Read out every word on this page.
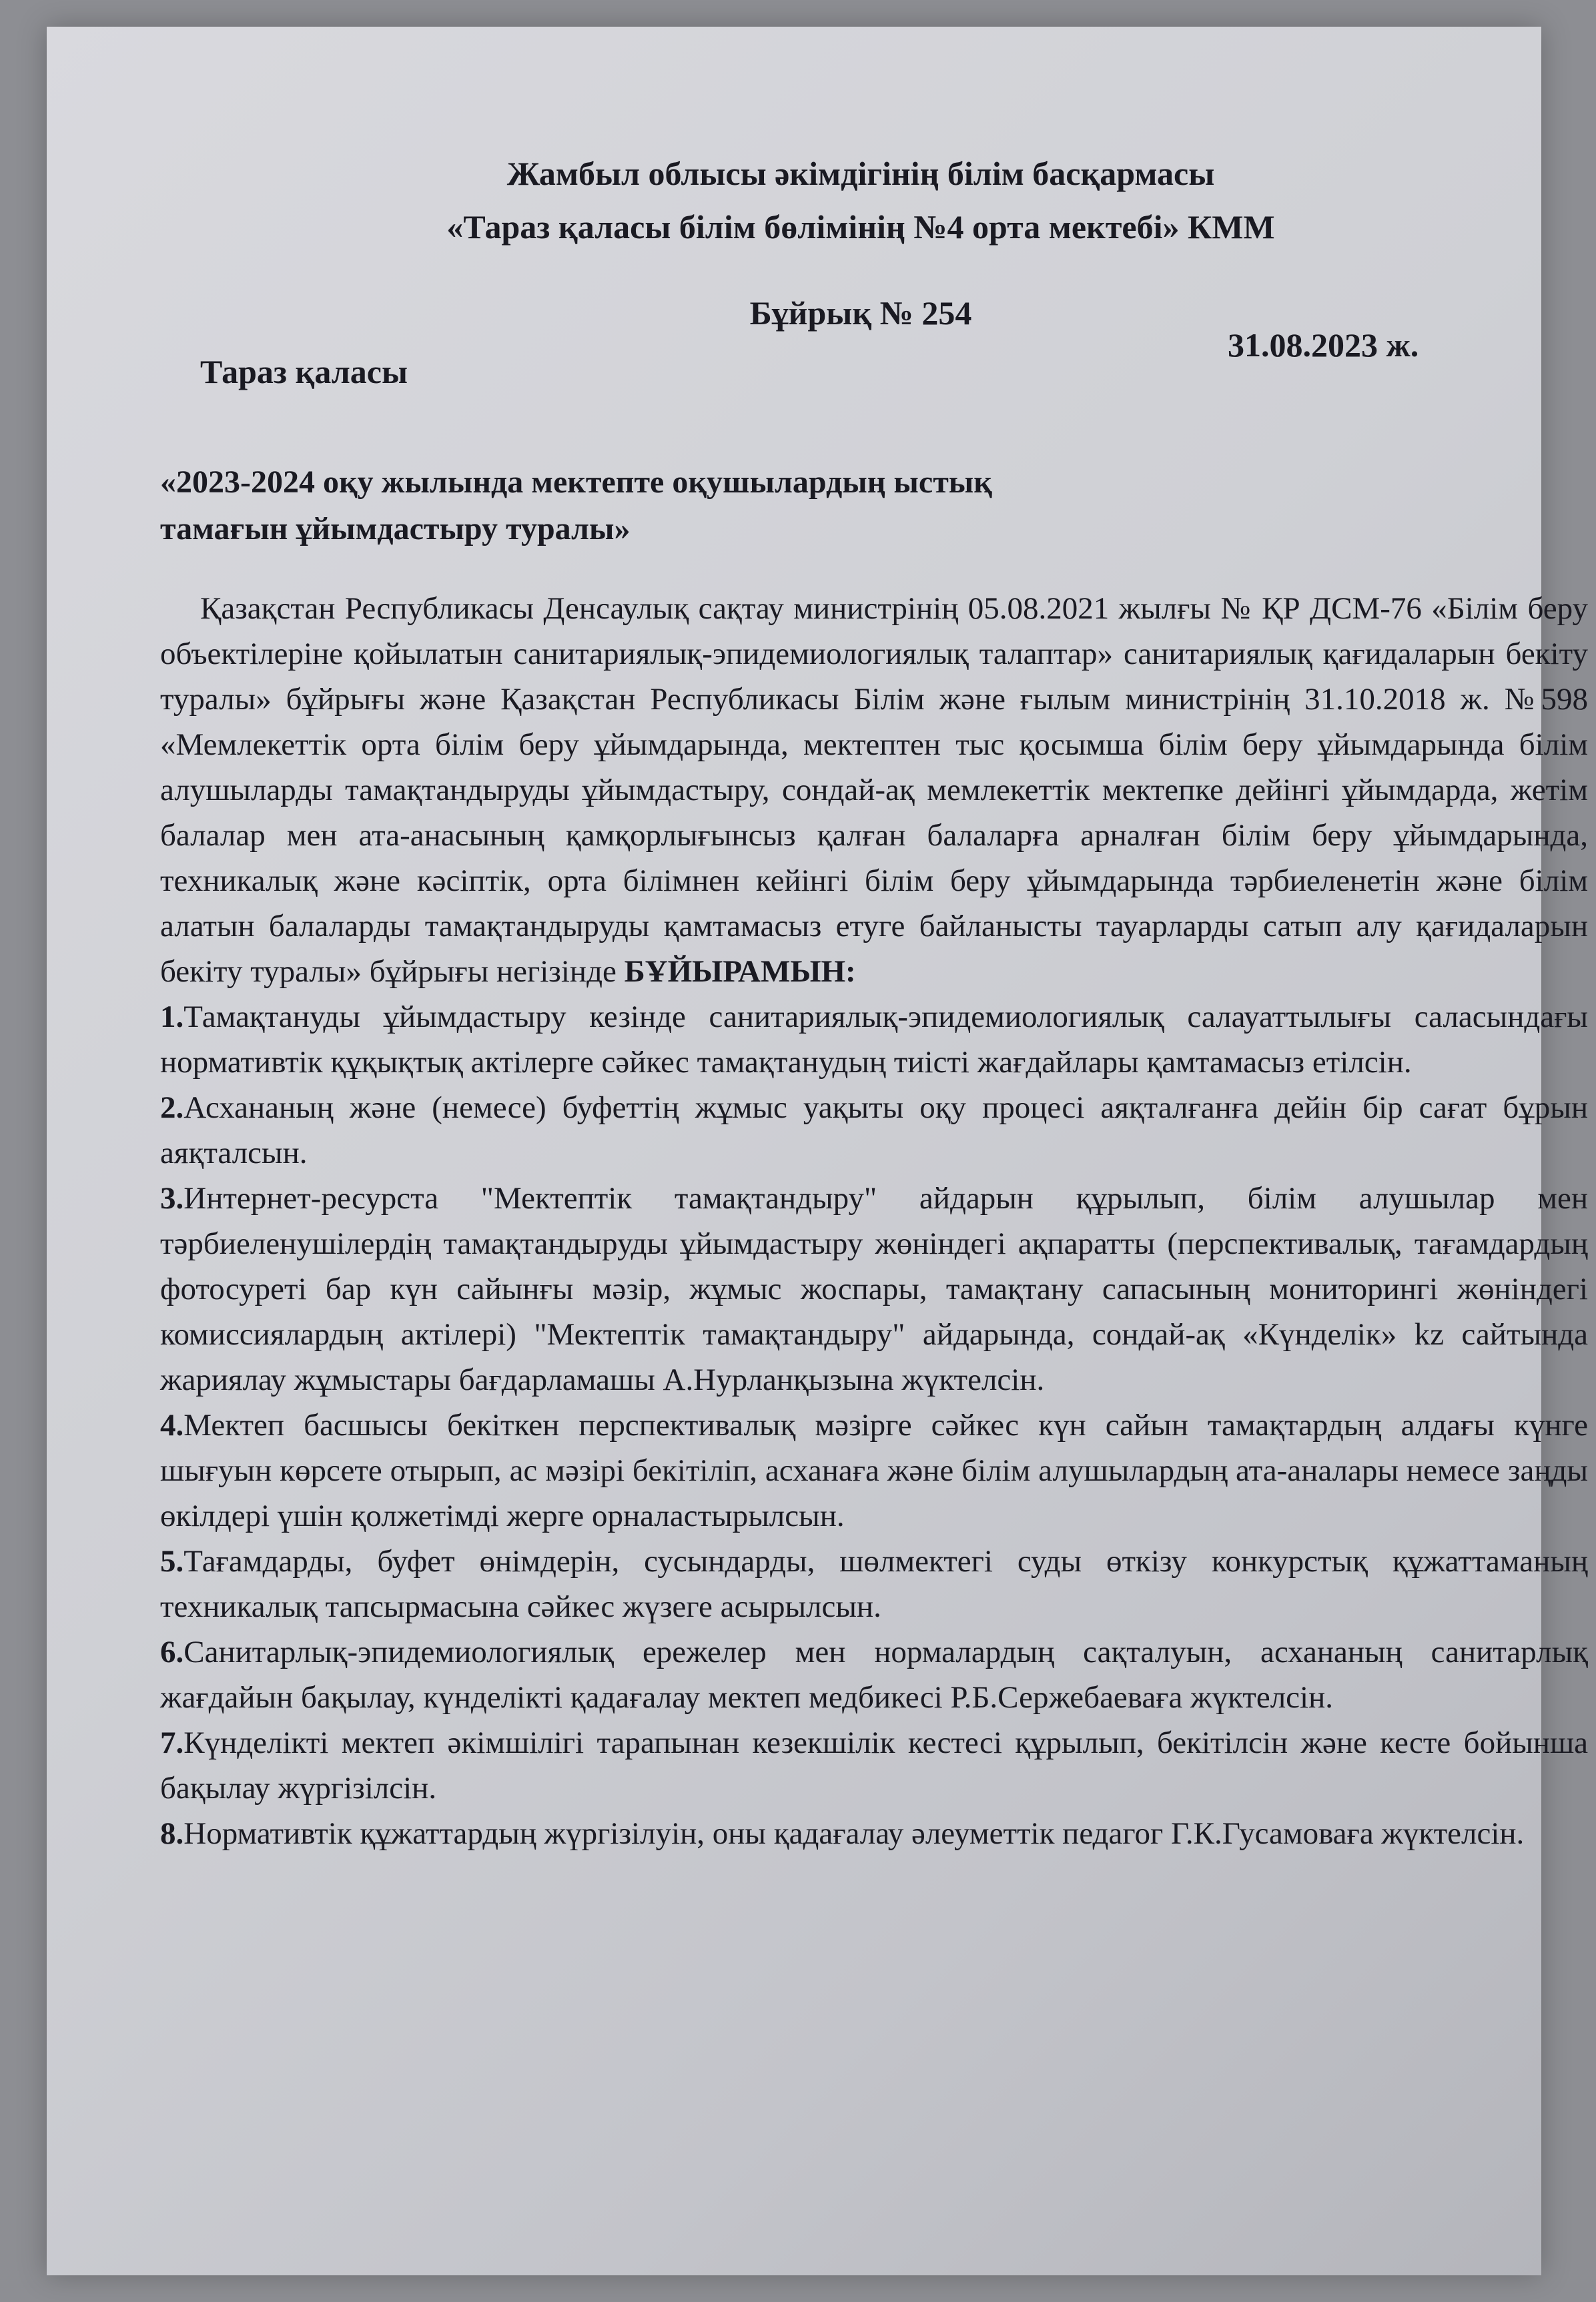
Жамбыл облысы әкімдігінің білім басқармасы
«Тараз қаласы білім бөлімінің №4 орта мектебі» КММ
Бұйрық № 254
Тараз қаласы
31.08.2023 ж.
«2023-2024 оқу жылында мектепте оқушылардың ыстық тамағын ұйымдастыру туралы»

Қазақстан Республикасы Денсаулық сақтау министрінің 05.08.2021 жылғы № ҚР ДСМ-76 «Білім беру объектілеріне қойылатын санитариялық-эпидемиологиялық талаптар» санитариялық қағидаларын бекіту туралы» бұйрығы және Қазақстан Республикасы Білім және ғылым министрінің 31.10.2018 ж. №598 «Мемлекеттік орта білім беру ұйымдарында, мектептен тыс қосымша білім беру ұйымдарында білім алушыларды тамақтандыруды ұйымдастыру, сондай-ақ мемлекеттік мектепке дейінгі ұйымдарда, жетім балалар мен ата-анасының қамқорлығынсыз қалған балаларға арналған білім беру ұйымдарында, техникалық және кәсіптік, орта білімнен кейінгі білім беру ұйымдарында тәрбиеленетін және білім алатын балаларды тамақтандыруды қамтамасыз етуге байланысты тауарларды сатып алу қағидаларын бекіту туралы» бұйрығы негізінде БҰЙЫРАМЫН:

1.Тамақтануды ұйымдастыру кезінде санитариялық-эпидемиологиялық салауаттылығы саласындағы нормативтік құқықтық актілерге сәйкес тамақтанудың тиісті жағдайлары қамтамасыз етілсін.

2.Асхананың және (немесе) буфеттің жұмыс уақыты оқу процесі аяқталғанға дейін бір сағат бұрын аяқталсын.

3.Интернет-ресурста "Мектептік тамақтандыру" айдарын құрылып, білім алушылар мен тәрбиеленушілердің тамақтандыруды ұйымдастыру жөніндегі ақпаратты (перспективалық, тағамдардың фотосуреті бар күн сайынғы мәзір, жұмыс жоспары, тамақтану сапасының мониторингі жөніндегі комиссиялардың актілері) "Мектептік тамақтандыру" айдарында, сондай-ақ «Күнделік» kz сайтында жариялау жұмыстары бағдарламашы А.Нурланқызына жүктелсін.

4.Мектеп басшысы бекіткен перспективалық мәзірге сәйкес күн сайын тамақтардың алдағы күнге шығуын көрсете отырып, ас мәзірі бекітіліп, асханаға және білім алушылардың ата-аналары немесе заңды өкілдері үшін қолжетімді жерге орналастырылсын.

5.Тағамдарды, буфет өнімдерін, сусындарды, шөлмектегі суды өткізу конкурстық құжаттаманың техникалық тапсырмасына сәйкес жүзеге асырылсын.

6.Санитарлық-эпидемиологиялық ережелер мен нормалардың сақталуын, асхананың санитарлық жағдайын бақылау, күнделікті қадағалау мектеп медбикесі Р.Б.Сержебаеваға жүктелсін.

7.Күнделікті мектеп әкімшілігі тарапынан кезекшілік кестесі құрылып, бекітілсін және кесте бойынша бақылау жүргізілсін.

8.Нормативтік құжаттардың жүргізілуін, оны қадағалау әлеуметтік педагог Г.К.Гусамоваға жүктелсін.
